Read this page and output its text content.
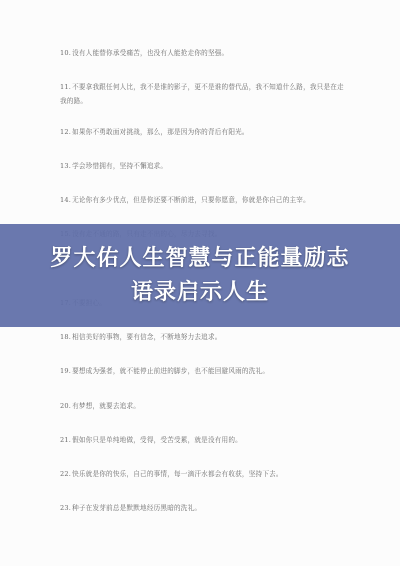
10.没有人能替你承受痛苦，也没有人能抢走你的坚强。
11.不要拿我跟任何人比，我不是谁的影子，更不是谁的替代品，我不知道什么路，我只是在走我的路。
12.如果你不勇敢面对挑战，那么，那是因为你的背后有阳光。
13.学会珍惜拥有，坚持不懈追求。
14.无论你有多少优点，但是你还要不断前进，只要你愿意，你就是你自己的主宰。
18.相信美好的事物，要有信念，不断地努力去追求。
19.要想成为强者，就不能停止前进的脚步，也不能回避风雨的洗礼。
20.有梦想，就要去追求。
21.假如你只是单纯地做，受得，受苦受累，就是没有用的。
22.快乐就是你的快乐，自己的事情，每一滴汗水都会有收获，坚持下去。
23.种子在发芽前总是默默地经历黑暗的洗礼。
罗大佑人生智慧与正能量励志
语录启示人生
